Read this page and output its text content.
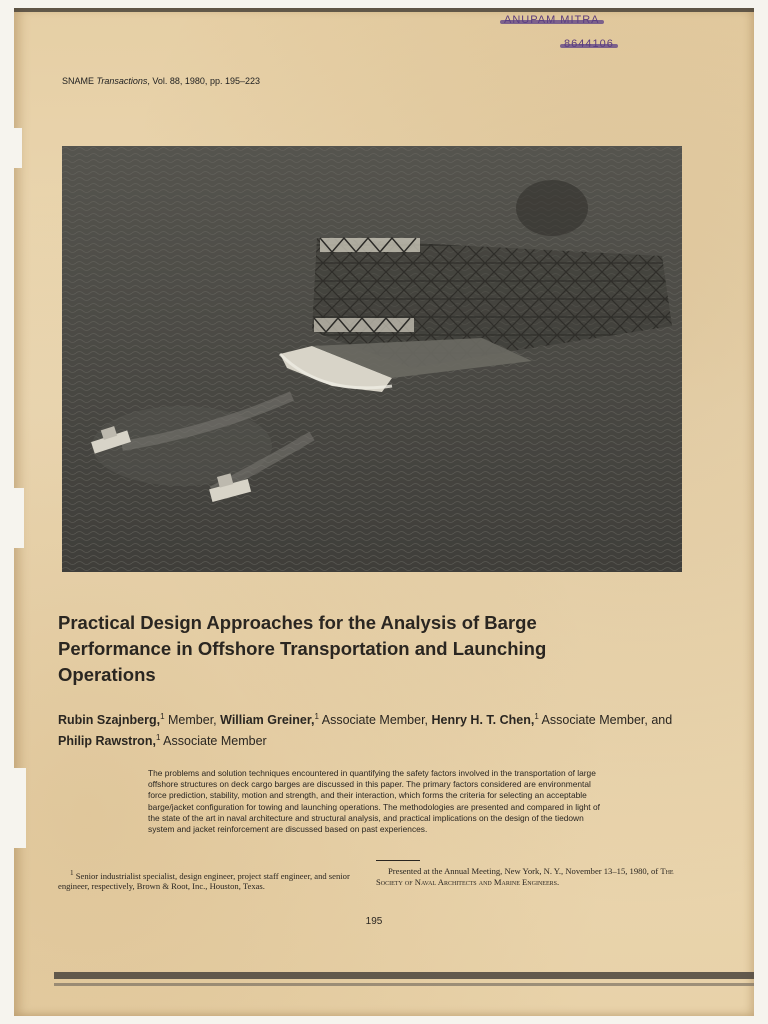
SNAME Transactions, Vol. 88, 1980, pp. 195–223
Practical Design Approaches for the Analysis of Barge Performance in Offshore Transportation and Launching Operations
Rubin Szajnberg,$^1$ Member, William Greiner,$^1$ Associate Member, Henry H. T. Chen,$^1$ Associate Member, and Philip Rawstron,$^1$ Associate Member
The problems and solution techniques encountered in quantifying the safety factors involved in the transportation of large offshore structures on deck cargo barges are discussed in this paper. The primary factors considered are environmental force prediction, stability, motion and strength, and their interaction, which forms the criteria for selecting an acceptable barge/jacket configuration for towing and launching operations. The methodologies are presented and compared in light of the state of the art in naval architecture and structural analysis, and practical implications on the design of the tiedown system and jacket reinforcement are discussed based on past experiences.
$^1$ Senior industrialist specialist, design engineer, project staff engineer, and senior engineer, respectively, Brown & Root, Inc., Houston, Texas.
Presented at the Annual Meeting, New York, N. Y., November 13–15, 1980, of The Society of Naval Architects and Marine Engineers.
195
